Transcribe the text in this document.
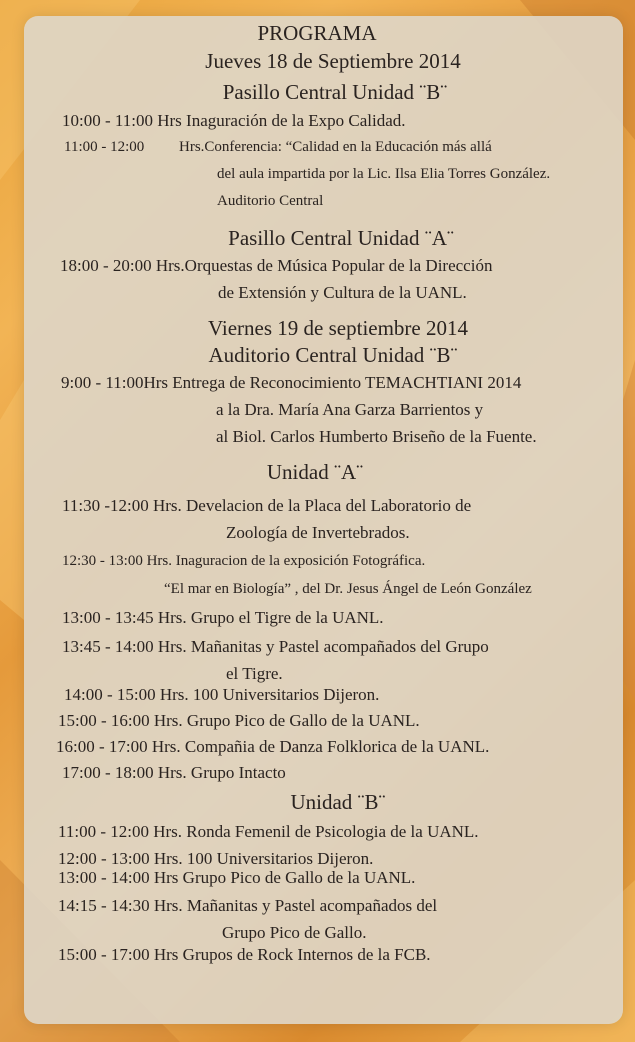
PROGRAMA
Jueves 18 de Septiembre 2014
Pasillo Central Unidad ¨B¨
10:00 - 11:00 Hrs Inaguración de la Expo Calidad.
11:00 - 12:00 Hrs.Conferencia: “Calidad en la Educación más allá
del aula impartida por la Lic. Ilsa Elia Torres González.
Auditorio Central
Pasillo Central Unidad ¨A¨
18:00 - 20:00 Hrs.Orquestas de Música Popular de la Dirección
de Extensión y Cultura de la UANL.
Viernes 19 de septiembre 2014
Auditorio Central Unidad ¨B¨
9:00 - 11:00Hrs Entrega de Reconocimiento TEMACHTIANI 2014
a la Dra. María Ana Garza Barrientos y
al Biol. Carlos Humberto Briseño de la Fuente.
Unidad ¨A¨
11:30 -12:00 Hrs. Develacion de la Placa del Laboratorio de
Zoología de Invertebrados.
12:30 - 13:00 Hrs. Inaguracion de la exposición Fotográfica.
“El mar en Biología” , del Dr. Jesus Ángel de León González
13:00 - 13:45 Hrs. Grupo el Tigre de la UANL.
13:45 - 14:00 Hrs. Mañanitas y Pastel acompañados del Grupo
el Tigre.
14:00 - 15:00 Hrs. 100 Universitarios Dijeron.
15:00 - 16:00 Hrs. Grupo Pico de Gallo de la UANL.
16:00 - 17:00 Hrs. Compañia de Danza Folklorica de la UANL.
17:00 - 18:00 Hrs. Grupo Intacto
Unidad ¨B¨
11:00 - 12:00 Hrs. Ronda Femenil de Psicologia de la UANL.
12:00 - 13:00 Hrs. 100 Universitarios Dijeron.
13:00 - 14:00 Hrs Grupo Pico de Gallo de la UANL.
14:15 - 14:30 Hrs. Mañanitas y Pastel acompañados del
Grupo Pico de Gallo.
15:00 - 17:00 Hrs Grupos de Rock Internos de la FCB.
